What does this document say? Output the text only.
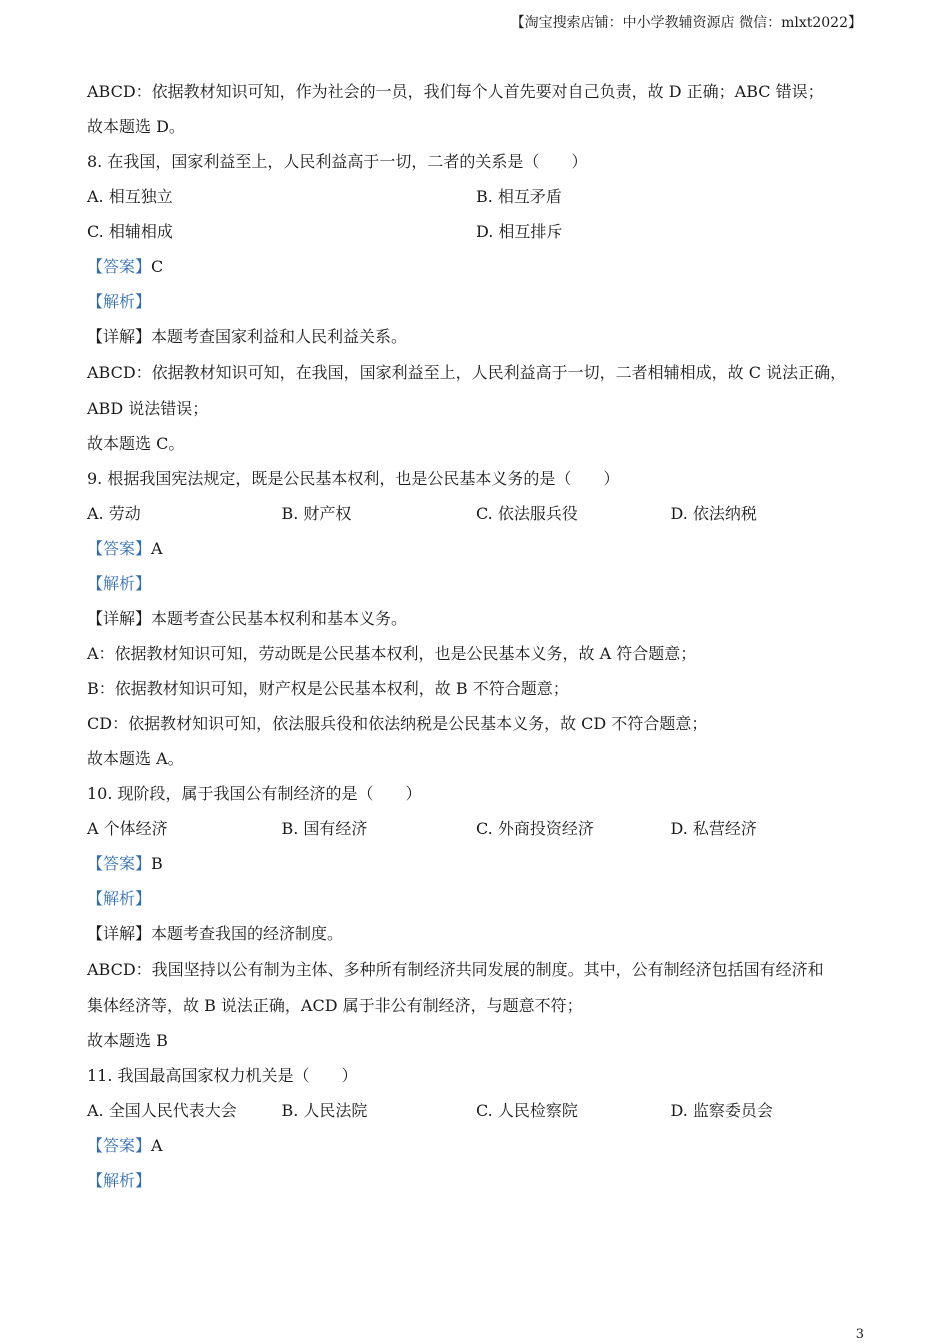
【淘宝搜索店铺：中小学教辅资源店 微信：mlxt2022】
ABCD：依据教材知识可知，作为社会的一员，我们每个人首先要对自己负责，故 D 正确；ABC 错误；
故本题选 D。
8. 在我国，国家利益至上，人民利益高于一切，二者的关系是（　　）
A. 相互独立	B. 相互矛盾
C. 相辅相成	D. 相互排斥
【答案】C
【解析】
【详解】本题考查国家利益和人民利益关系。
ABCD：依据教材知识可知，在我国，国家利益至上，人民利益高于一切，二者相辅相成，故 C 说法正确，
ABD 说法错误；
故本题选 C。
9. 根据我国宪法规定，既是公民基本权利，也是公民基本义务的是（　　）
A. 劳动	B. 财产权	C. 依法服兵役	D. 依法纳税
【答案】A
【解析】
【详解】本题考查公民基本权利和基本义务。
A：依据教材知识可知，劳动既是公民基本权利，也是公民基本义务，故 A 符合题意；
B：依据教材知识可知，财产权是公民基本权利，故 B 不符合题意；
CD：依据教材知识可知，依法服兵役和依法纳税是公民基本义务，故 CD 不符合题意；
故本题选 A。
10. 现阶段，属于我国公有制经济的是（　　）
A 个体经济	B. 国有经济	C. 外商投资经济	D. 私营经济
【答案】B
【解析】
【详解】本题考查我国的经济制度。
ABCD：我国坚持以公有制为主体、多种所有制经济共同发展的制度。其中，公有制经济包括国有经济和
集体经济等，故 B 说法正确，ACD 属于非公有制经济，与题意不符；
故本题选 B
11. 我国最高国家权力机关是（　　）
A. 全国人民代表大会	B. 人民法院	C. 人民检察院	D. 监察委员会
【答案】A
【解析】
3
